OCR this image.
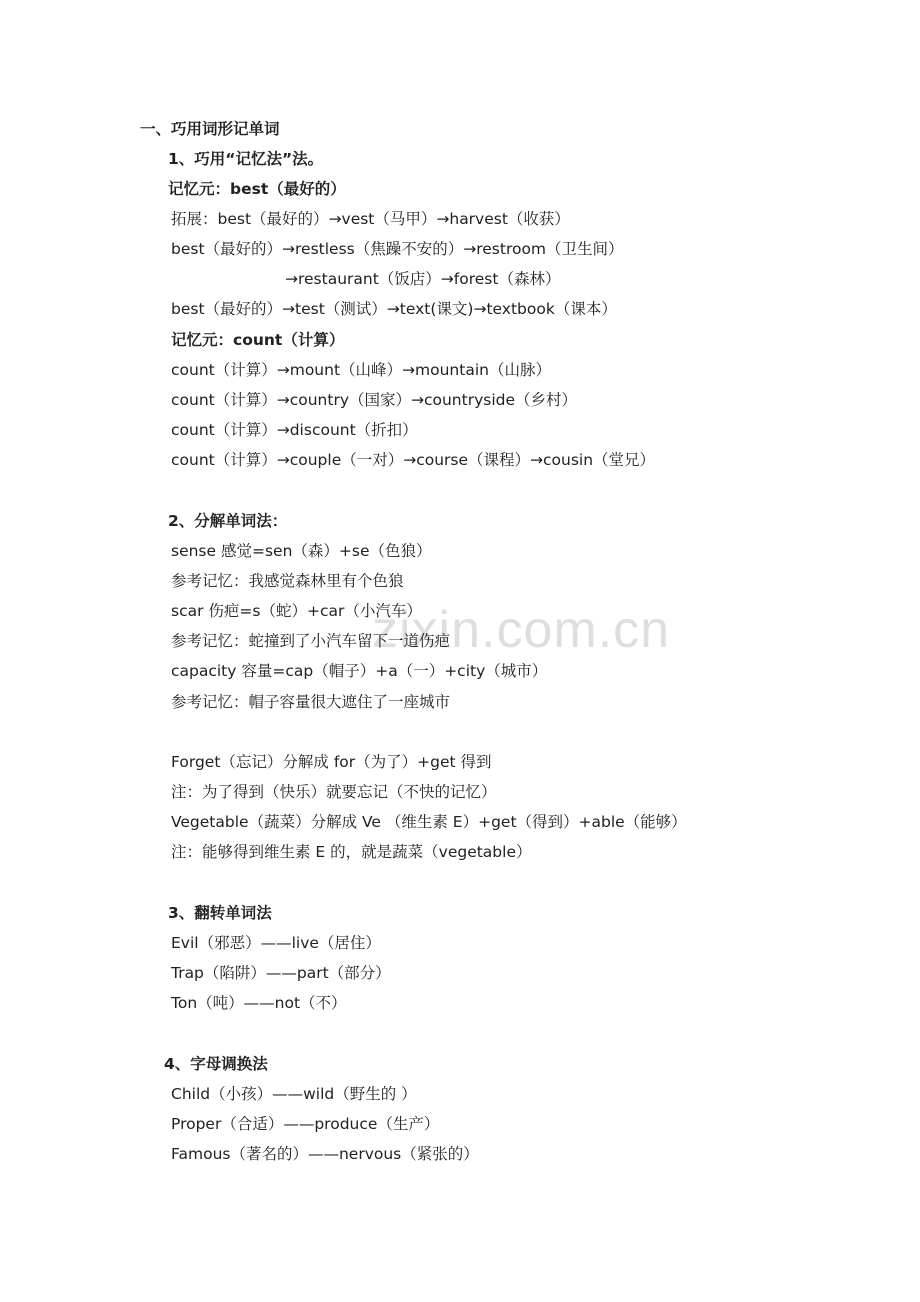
zixin.com.cn
一、巧用词形记单词
1、巧用“记忆法”法。
记忆元：best（最好的）
拓展：best（最好的）→vest（马甲）→harvest（收获）
best（最好的）→restless（焦躁不安的）→restroom（卫生间）
→restaurant（饭店）→forest（森林）
best（最好的）→test（测试）→text(课文)→textbook（课本）
记忆元：count（计算）
count（计算）→mount（山峰）→mountain（山脉）
count（计算）→country（国家）→countryside（乡村）
count（计算）→discount（折扣）
count（计算）→couple（一对）→course（课程）→cousin（堂兄）
2、分解单词法：
sense 感觉=sen（森）+se（色狼）
参考记忆：我感觉森林里有个色狼
scar 伤疤=s（蛇）+car（小汽车）
参考记忆：蛇撞到了小汽车留下一道伤疤
capacity 容量=cap（帽子）+a（一）+city（城市）
参考记忆：帽子容量很大遮住了一座城市
Forget（忘记）分解成 for（为了）+get 得到
注：为了得到（快乐）就要忘记（不快的记忆）
Vegetable（蔬菜）分解成 Ve （维生素 E）+get（得到）+able（能够）
注：能够得到维生素 E 的，就是蔬菜（vegetable）
3、翻转单词法
Evil（邪恶）——live（居住）
Trap（陷阱）——part（部分）
Ton（吨）——not（不）
4、字母调换法
Child（小孩）——wild（野生的 ）
Proper（合适）——produce（生产）
Famous（著名的）——nervous（紧张的）
